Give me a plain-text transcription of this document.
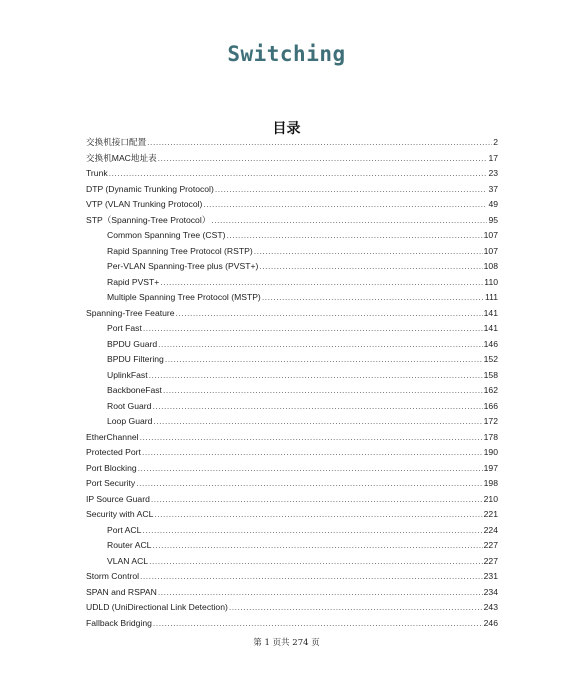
Switching
目录
交换机接口配置 .....	2
交换机MAC地址表 .....	17
Trunk .....	23
DTP (Dynamic Trunking Protocol) .....	37
VTP (VLAN Trunking Protocol) .....	49
STP（Spanning-Tree Protocol） .....	95
Common Spanning Tree (CST) .....	107
Rapid Spanning Tree Protocol (RSTP) .....	107
Per-VLAN Spanning-Tree plus (PVST+) .....	108
Rapid PVST+ .....	110
Multiple Spanning Tree Protocol (MSTP) .....	111
Spanning-Tree Feature .....	141
Port Fast .....	141
BPDU Guard .....	146
BPDU Filtering .....	152
UplinkFast .....	158
BackboneFast .....	162
Root Guard .....	166
Loop Guard .....	172
EtherChannel .....	178
Protected Port .....	190
Port Blocking .....	197
Port Security .....	198
IP Source Guard .....	210
Security with ACL .....	221
Port ACL .....	224
Router ACL .....	227
VLAN ACL .....	227
Storm Control .....	231
SPAN and RSPAN .....	234
UDLD (UniDirectional Link Detection) .....	243
Fallback Bridging .....	246
第 1 页共 274 页
